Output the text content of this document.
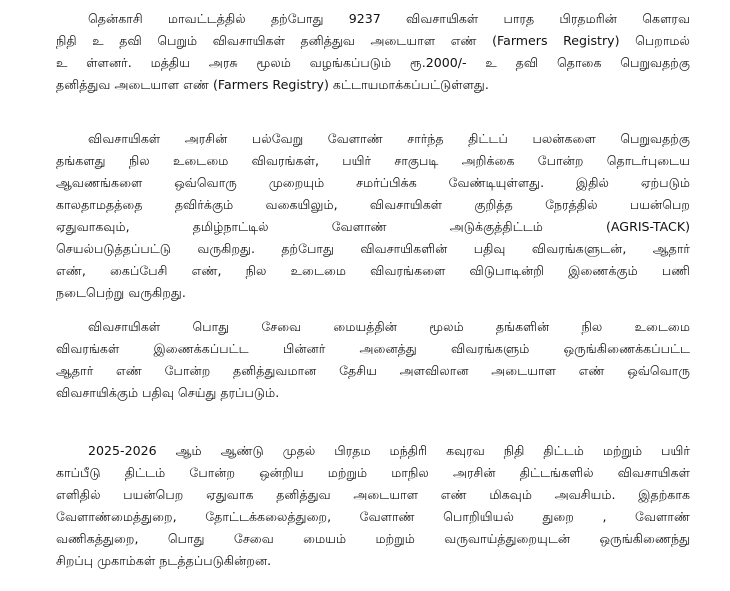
தென்காசி மாவட்டத்தில் தற்போது 9237 விவசாயிகள் பாரத பிரதமரின் கௌரவ
நிதி உ தவி பெறும் விவசாயிகள் தனித்துவ அடையாள எண் (Farmers Registry) பெறாமல்
உ ள்ளனர். மத்திய அரசு மூலம் வழங்கப்படும் ரூ.2000/- உ தவி தொகை பெறுவதற்கு
தனித்துவ அடையாள எண் (Farmers Registry) கட்டாயமாக்கப்பட்டுள்ளது.

விவசாயிகள் அரசின் பல்வேறு வேளாண் சார்ந்த திட்டப் பலன்களை பெறுவதற்கு
தங்களது நில உடைமை விவரங்கள், பயிர் சாகுபடி அறிக்கை போன்ற தொடர்புடைய
ஆவணங்களை ஒவ்வொரு முறையும் சமர்ப்பிக்க வேண்டியுள்ளது. இதில் ஏற்படும்
காலதாமதத்தை தவிர்க்கும் வகையிலும், விவசாயிகள் குறித்த நேரத்தில் பயன்பெற
ஏதுவாகவும், தமிழ்நாட்டில் வேளாண் அடுக்குத்திட்டம் (AGRIS-TACK)
செயல்படுத்தப்பட்டு வருகிறது. தற்போது விவசாயிகளின் பதிவு விவரங்களுடன், ஆதார்
எண், கைப்பேசி எண், நில உடைமை விவரங்களை விடுபாடின்றி இணைக்கும் பணி
நடைபெற்று வருகிறது.

விவசாயிகள் பொது சேவை மையத்தின் மூலம் தங்களின் நில உடைமை
விவரங்கள் இணைக்கப்பட்ட பின்னர் அனைத்து விவரங்களும் ஒருங்கிணைக்கப்பட்ட
ஆதார் எண் போன்ற தனித்துவமான தேசிய அளவிலான அடையாள எண் ஒவ்வொரு
விவசாயிக்கும் பதிவு செய்து தரப்படும்.

2025-2026 ஆம் ஆண்டு முதல் பிரதம மந்திரி கவுரவ நிதி திட்டம் மற்றும் பயிர்
காப்பீடு திட்டம் போன்ற ஒன்றிய மற்றும் மாநில அரசின் திட்டங்களில் விவசாயிகள்
எளிதில் பயன்பெற ஏதுவாக தனித்துவ அடையாள எண் மிகவும் அவசியம். இதற்காக
வேளாண்மைத்துறை, தோட்டக்கலைத்துறை, வேளாண் பொறியியல் துறை , வேளாண்
வணிகத்துறை, பொது சேவை மையம் மற்றும் வருவாய்த்துறையுடன் ஒருங்கிணைந்து
சிறப்பு முகாம்கள் நடத்தப்படுகின்றன.
